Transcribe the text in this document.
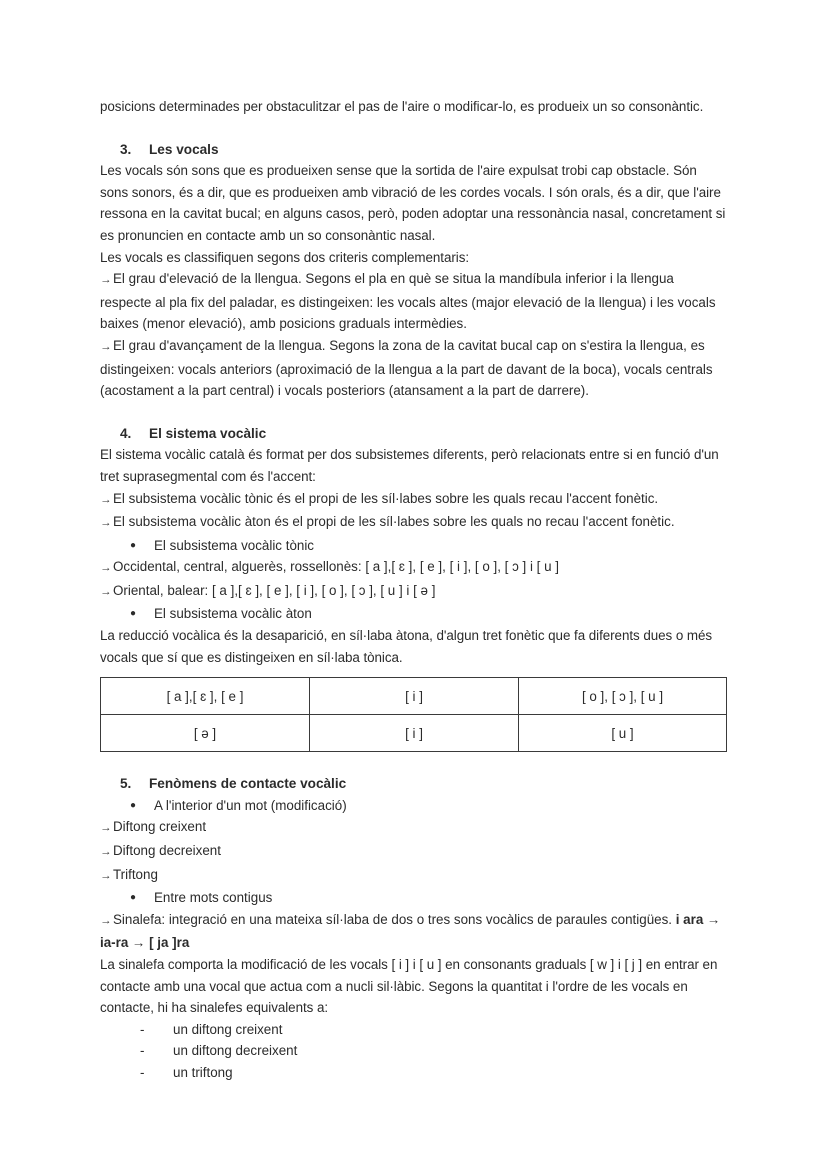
posicions determinades per obstaculitzar el pas de l'aire o modificar-lo, es produeix un so consonàntic.

3.	Les vocals

Les vocals són sons que es produeixen sense que la sortida de l'aire expulsat trobi cap obstacle. Són sons sonors, és a dir, que es produeixen amb vibració de les cordes vocals. I són orals, és a dir, que l'aire ressona en la cavitat bucal; en alguns casos, però, poden adoptar una ressonància nasal, concretament si es pronuncien en contacte amb un so consonàntic nasal.

Les vocals es classifiquen segons dos criteris complementaris:

→ El grau d'elevació de la llengua. Segons el pla en què se situa la mandíbula inferior i la llengua respecte al pla fix del paladar, es distingeixen: les vocals altes (major elevació de la llengua) i les vocals baixes (menor elevació), amb posicions graduals intermèdies.

→ El grau d'avançament de la llengua. Segons la zona de la cavitat bucal cap on s'estira la llengua, es distingeixen: vocals anteriors (aproximació de la llengua a la part de davant de la boca), vocals centrals (acostament a la part central) i vocals posteriors (atansament a la part de darrere).

4.	El sistema vocàlic

El sistema vocàlic català és format per dos subsistemes diferents, però relacionats entre si en funció d'un tret suprasegmental com és l'accent:

→ El subsistema vocàlic tònic és el propi de les síl·labes sobre les quals recau l'accent fonètic.

→ El subsistema vocàlic àton és el propi de les síl·labes sobre les quals no recau l'accent fonètic.

●	El subsistema vocàlic tònic

→ Occidental, central, alguerès, rossellonès: [ a ],[ ɛ ], [ e ], [ i ], [ o ], [ ɔ ] i [ u ]

→ Oriental, balear: [ a ],[ ɛ ], [ e ], [ i ], [ o ], [ ɔ ], [ u ] i [ ə ]

●	El subsistema vocàlic àton

La reducció vocàlica és la desaparició, en síl·laba àtona, d'algun tret fonètic que fa diferents dues o més vocals que sí que es distingeixen en síl·laba tònica.

[ a ],[ ɛ ], [ e ]	[ i ]	[ o ], [ ɔ ], [ u ]
[ ə ]	[ i ]	[ u ]
5.	Fenòmens de contacte vocàlic
●	A l'interior d'un mot (modificació)

→ Diftong creixent

→ Diftong decreixent

→ Triftong

●	Entre mots contigus

→ Sinalefa: integració en una mateixa síl·laba de dos o tres sons vocàlics de paraules contigües. i ara → ia-ra → [ ja ]ra

La sinalefa comporta la modificació de les vocals [ i ] i [ u ] en consonants graduals [ w ] i [ j ] en entrar en contacte amb una vocal que actua com a nucli sil·làbic. Segons la quantitat i l'ordre de les vocals en contacte, hi ha sinalefes equivalents a:

-	un diftong creixent
-	un diftong decreixent
-	un triftong
